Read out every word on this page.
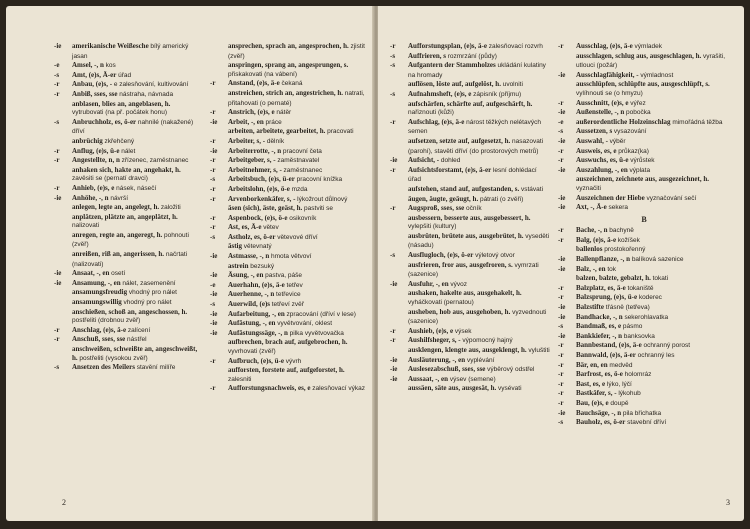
-ie	amerikanische Weißesche bílý americký jasan
-e	Amsel, -, n kos
-s	Amt, (e)s, Ä-er úřad
-r	Anbau, (e)s, - e zalesňování, kultivování
-r	Anbiß, sses, sse nástraha, návnada
anblasen, blies an, angeblasen, h. vytrubovati (na př. počátek honu)
-s	Anbruchholz, es, ö-er nahnilé (nakažené) dříví
anbrüchig zkřehčený
-r	Anflug, (e)s, ü-e nálet
-r	Angestellte, n, n zřízenec, zaměstnanec
anhaken sich, hakte an, angehakt, h. zavěsiti se (pernatí dravci)
-r	Anhieb, (e)s, e násek, násečí
-ie	Anhöhe, -, n návrší
anlegen, legte an, angelegt, h. založiti
anplätzen, plätzte an, angeplätzt, h. nalizovati
anregen, regte an, angeregt, h. pohnouti (zvěř)
anreißen, riß an, angerissen, h. načrtati (nalizovati)
-ie	Ansaat, -, en osetí
-ie	Ansamung, -, en nálet, zasemenění
ansamungsfreudig vhodný pro nálet
ansamungswillig vhodný pro nálet
anschießen, schoß an, angeschossen, h. postřeliti (drobnou zvěř)
-r	Anschlag, (e)s, ä-e zalícení
-r	Anschuß, sses, sse nástřel
anschweißen, schweißte an, angeschweißt, h. postřeliti (vysokou zvěř)
-s	Ansetzen des Meilers stavění milíře
ansprechen, sprach an, angesprochen, h. zjistit (zvěř)
anspringen, sprang an, angesprungen, s. přiskakovati (na vábení)
-r	Anstand, (e)s, ä-e čekaná
anstreichen, strich an, angestrichen, h. natrati, přitahovati (o pernaté)
-r	Anstrich, (e)s, e nátěr
-ie	Arbeit, -, en práce
arbeiten, arbeitete, gearbeitet, h. pracovati
-r	Arbeiter, s, - dělník
-ie	Arbeiterrotte, -, n pracovní četa
-r	Arbeitgeber, s, - zaměstnavatel
-r	Arbeitnehmer, s, - zaměstnanec
-s	Arbeitsbuch, (e)s, ü-er pracovní knížka
-r	Arbeitslohn, (e)s, ö-e mzda
-r	Arvenborkenkäfer, s, - lýkožrout důlnový
äsen (sich), äste, geäst, h. pastviti se
-r	Aspenbock, (e)s, ö-e osikovník
-r	Ast, es, Ä-e větev
-s	Astholz, es, ö-er větevové dříví
ästig větevnatý
-ie	Astmasse, -, n hmota větvoví
astrein bezsuký
-ie	Äsung, -, en pastva, páše
-e	Auerhahn, (e)s, ä-e tetřev
-ie	Auerhenne, -, n tetřevice
-s	Auerwild, (e)s tetřeví zvěř
-ie	Aufarbeitung, -, en zpracování (dříví v lese)
-ie	Aufästung, -, en vyvětvování, oklest
-ie	Aufästungssäge, -, n pilka vyvětvovačka
aufbrechen, brach auf, aufgebrochen, h. vyvrhovati (zvěř)
-r	Aufbruch, (e)s, ü-e vývrh
aufforsten, forstete auf, aufgeforstet, h. zalesniti
-r	Aufforstungsnachweis, es, e zalesňovací výkaz
2
-r	Aufforstungsplan, (e)s, ä-e zalesňovací rozvrh
-s	Auffrieren, s rozmrzání (půdy)
-s	Aufgantern der Stammholzes ukládání kulatiny na hromady
auflösen, löste auf, aufgelöst, h. uvolniti
-s	Aufnahmsheft, (e)s, e zápisník (příjmu)
aufschärfen, schärfte auf, aufgeschärft, h. nařiznouti (kůži)
-r	Aufschlag, (e)s, ä-e nárost těžkých nelétavých semen
aufsetzen, setzte auf, aufgesetzt, h. nasazovati (parohí), stavěti dříví (do prostorových metrů)
-ie	Aufsicht, - dohled
-r	Aufsichtsforstamt, (e)s, ä-er lesní dohlédací úřad
aufstehen, stand auf, aufgestanden, s. vstávati
äugen, äugte, geäugt, h. pátrati (o zvěři)
-r	Augsproß, sses, sse očník
ausbessern, besserte aus, ausgebessert, h. vylepšiti (kultury)
ausbrüten, brütete aus, ausgebrütet, h. vyseděti (násadu)
-s	Ausflugloch, (e)s, ö-er výletový otvor
ausfrieren, fror aus, ausgefroren, s. vymrzati (sazenice)
-ie	Ausfuhr, -, en vývoz
aushaken, hakelte aus, ausgehakelt, h. vyháčkovati (pernatou)
ausheben, hob aus, ausgehoben, h. vyzvednouti (sazenice)
-r	Aushieb, (e)s, e výsek
-r	Aushilfsheger, s, - výpomocný hajný
ausklengen, klengte aus, ausgeklengt, h. vyluštiti
-ie	Ausläuterung, -, en vyplévání
-ie	Auslesezabschuß, sses, sse výběrový odstřel
-ie	Aussaat, -, en výsev (semene)
aussäen, säte aus, ausgesät, h. vysévati
-r	Ausschlag, (e)s, ä-e výmladek
ausschlagen, schlug aus, ausgeschlagen, h. vyrašiti, utlouci (požár)
-ie	Ausschlagfähigkeit, - výmladnost
ausschlüpfen, schlüpfte aus, ausgeschlüpft, s. vylíhnouti se (o hmyzu)
-r	Ausschnitt, (e)s, e výřez
-ie	Außenstelle, -, n pobočka
-e	außerordentliche Holzeinschlag mimořádná těžba
-s	Aussetzen, s vysazování
-ie	Auswahl, - výběr
-r	Ausweis, es, e průkaz(ka)
-r	Auswuchs, es, ü-e výrůstek
-ie	Auszahlung, -, en výplata
auszeichnen, zeichnete aus, ausgezeichnet, h. vyznačiti
-ie	Auszeichnen der Hiebe vyznačování sečí
-ie	Axt, -, Ä-e sekera
B
-r	Bache, -, n bachyně
-r	Balg, (e)s, ä-e kožíšek
ballenlos prostokořenný
-ie	Ballenpflanze, -, n balíková sazenice
-ie	Balz, -, en tok
balzen, balzte, gebalzt, h. tokati
-r	Balzplatz, es, ä-e tokaniště
-r	Balzsprung, (e)s, ü-e koderec
-ie	Balzstifte třásně (tetřeva)
-ie	Bandhacke, -, n sekerohlavatka
-s	Bandmaß, es, e pásmo
-ie	Bankkiefer, -, n banksovka
-r	Bannbestand, (e)s, ä-e ochranný porost
-r	Bannwald, (e)s, ä-er ochranný les
-r	Bär, en, en medvěd
-r	Barfrost, es, ö-e holomráz
-r	Bast, es, e lýko, lýčí
-r	Bastkäfer, s, - lýkohub
-r	Bau, (e)s, e doupě
-ie	Bauchsäge, -, n pila břichatka
-s	Bauholz, es, ö-er stavební dříví
3
